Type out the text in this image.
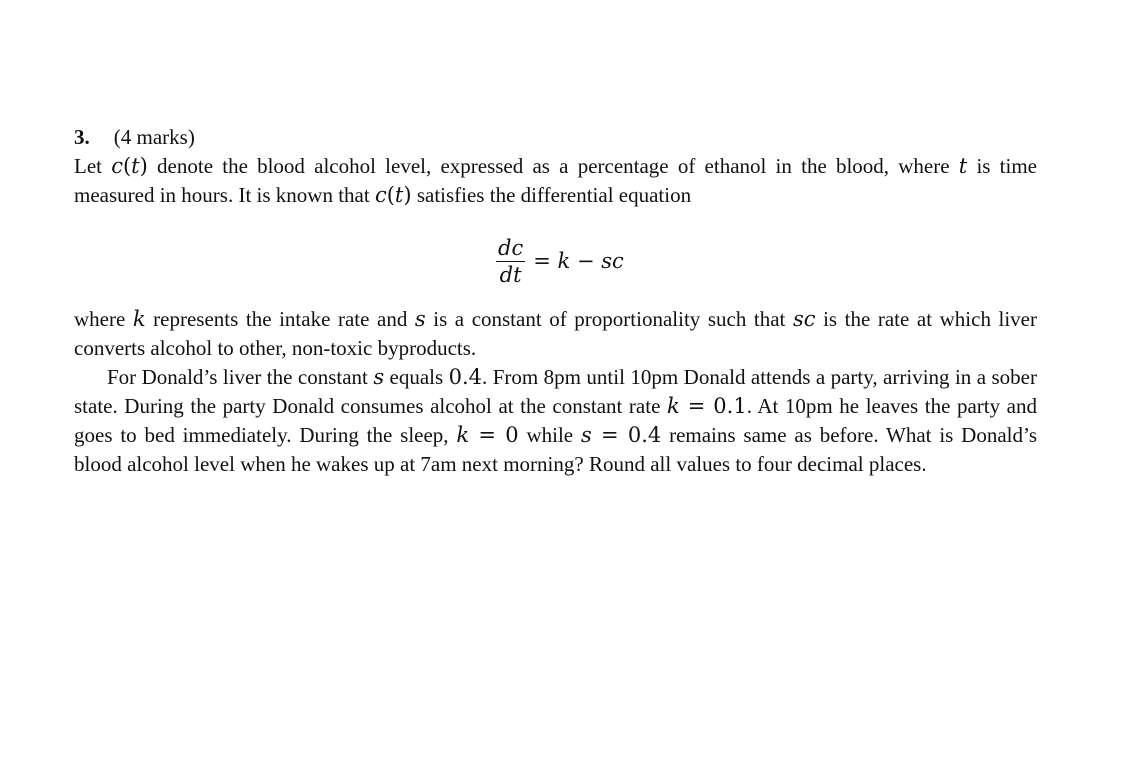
3. (4 marks)
Let c(t) denote the blood alcohol level, expressed as a percentage of ethanol in the blood, where t is time measured in hours. It is known that c(t) satisfies the differential equation
$\frac{dc}{dt} = k$ − sc
where k represents the intake rate and s is a constant of proportionality such that sc is the rate at which liver converts alcohol to other, non-toxic byproducts.
For Donald’s liver the constant s equals 0.4. From 8pm until 10pm Donald attends a party, arriving in a sober state. During the party Donald consumes alcohol at the constant rate k = 0.1. At 10pm he leaves the party and goes to bed immediately. During the sleep, k = 0 while s = 0.4 remains same as before. What is Donald’s blood alcohol level when he wakes up at 7am next morning? Round all values to four decimal places.
